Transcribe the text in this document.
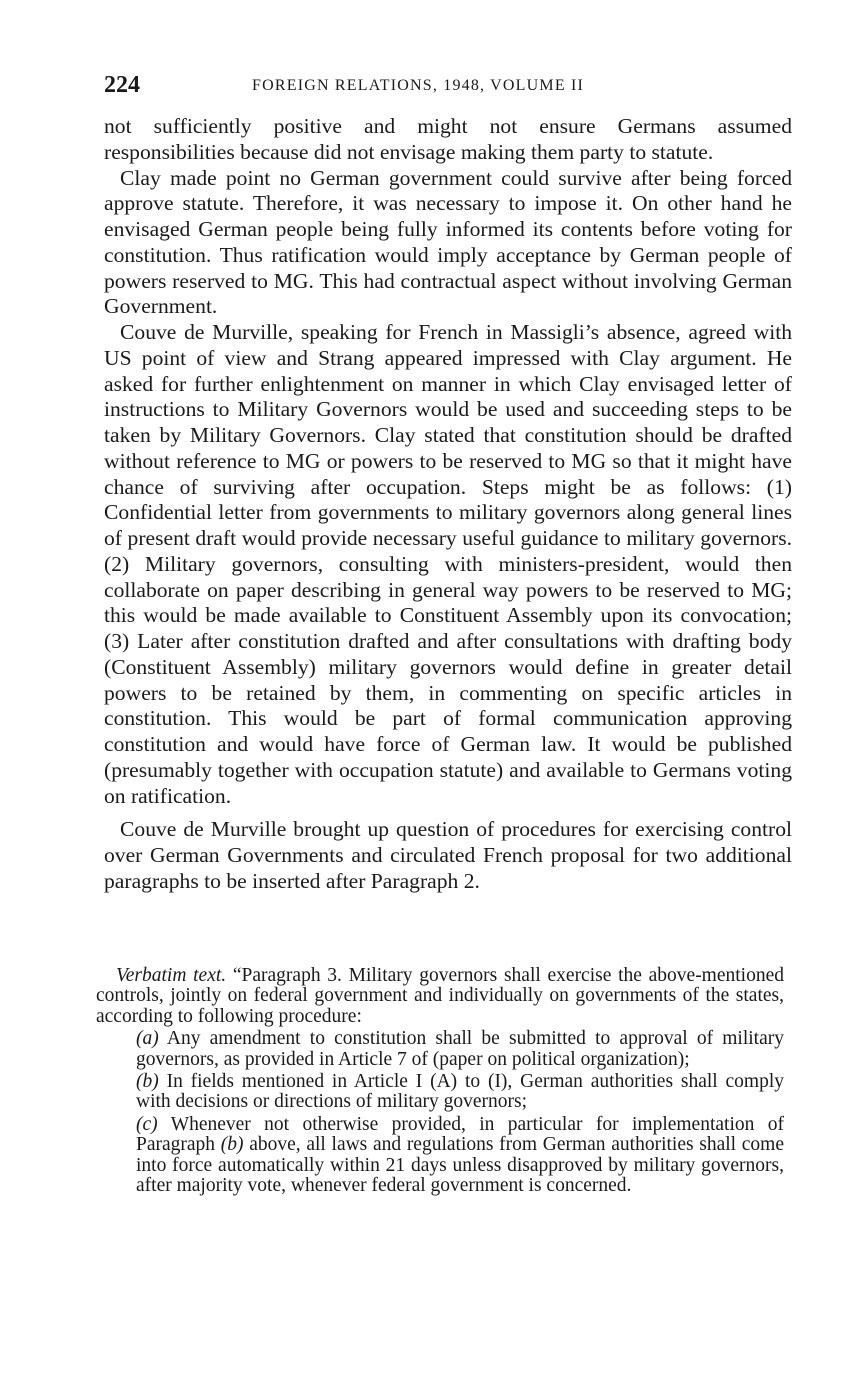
224	FOREIGN RELATIONS, 1948, VOLUME II

not sufficiently positive and might not ensure Germans assumed responsibilities because did not envisage making them party to statute.

Clay made point no German government could survive after being forced approve statute. Therefore, it was necessary to impose it. On other hand he envisaged German people being fully informed its contents before voting for constitution. Thus ratification would imply acceptance by German people of powers reserved to MG. This had contractual aspect without involving German Government.

Couve de Murville, speaking for French in Massigli’s absence, agreed with US point of view and Strang appeared impressed with Clay argument. He asked for further enlightenment on manner in which Clay envisaged letter of instructions to Military Governors would be used and succeeding steps to be taken by Military Governors. Clay stated that constitution should be drafted without reference to MG or powers to be reserved to MG so that it might have chance of surviving after occupation. Steps might be as follows: (1) Confidential letter from governments to military governors along general lines of present draft would provide necessary useful guidance to military governors. (2) Military governors, consulting with ministers-president, would then collaborate on paper describing in general way powers to be reserved to MG; this would be made available to Constituent Assembly upon its convocation; (3) Later after constitution drafted and after consultations with drafting body (Constituent Assembly) military governors would define in greater detail powers to be retained by them, in commenting on specific articles in constitution. This would be part of formal communication approving constitution and would have force of German law. It would be published (presumably together with occupation statute) and available to Germans voting on ratification.

Couve de Murville brought up question of procedures for exercising control over German Governments and circulated French proposal for two additional paragraphs to be inserted after Paragraph 2.

Verbatim text. “Paragraph 3. Military governors shall exercise the above-mentioned controls, jointly on federal government and individually on governments of the states, according to following procedure:

(a) Any amendment to constitution shall be submitted to approval of military governors, as provided in Article 7 of (paper on political organization);

(b) In fields mentioned in Article I (A) to (I), German authorities shall comply with decisions or directions of military governors;

(c) Whenever not otherwise provided, in particular for implementation of Paragraph (b) above, all laws and regulations from German authorities shall come into force automatically within 21 days unless disapproved by military governors, after majority vote, whenever federal government is concerned.
